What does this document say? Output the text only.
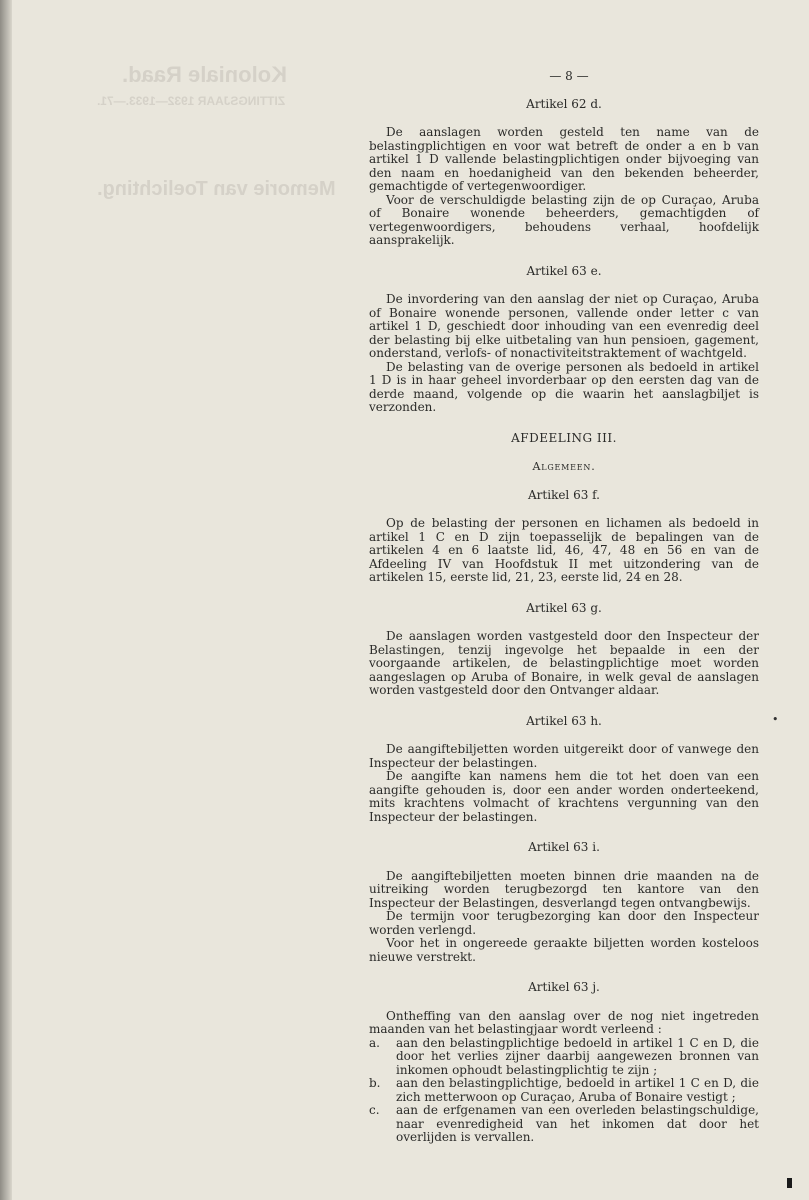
Koloniale Raad.
ZITTINGSJAAR 1932—1933.—71.
Memorie van Toelichting.
•
— 8 —
Artikel 62 d.
De aanslagen worden gesteld ten name van de belastingplichtigen en voor wat betreft de onder a en b van artikel 1 D vallende belastingplichtigen onder bijvoeging van den naam en hoedanigheid van den bekenden beheerder, gemachtigde of vertegenwoordiger.
Voor de verschuldigde belasting zijn de op Curaçao, Aruba of Bonaire wonende beheerders, gemachtigden of vertegenwoordigers, behoudens verhaal, hoofdelijk aansprakelijk.
Artikel 63 e.
De invordering van den aanslag der niet op Curaçao, Aruba of Bonaire wonende personen, vallende onder letter c van artikel 1 D, geschiedt door inhouding van een evenredig deel der belasting bij elke uitbetaling van hun pensioen, gagement, onderstand, verlofs- of nonactiviteitstraktement of wachtgeld.
De belasting van de overige personen als bedoeld in artikel 1 D is in haar geheel invorderbaar op den eersten dag van de derde maand, volgende op die waarin het aanslagbiljet is verzonden.
AFDEELING III.
Algemeen.
Artikel 63 f.
Op de belasting der personen en lichamen als bedoeld in artikel 1 C en D zijn toepasselijk de bepalingen van de artikelen 4 en 6 laatste lid, 46, 47, 48 en 56 en van de Afdeeling IV van Hoofdstuk II met uitzondering van de artikelen 15, eerste lid, 21, 23, eerste lid, 24 en 28.
Artikel 63 g.
De aanslagen worden vastgesteld door den Inspecteur der Belastingen, tenzij ingevolge het bepaalde in een der voorgaande artikelen, de belastingplichtige moet worden aangeslagen op Aruba of Bonaire, in welk geval de aanslagen worden vastgesteld door den Ontvanger aldaar.
Artikel 63 h.
De aangiftebiljetten worden uitgereikt door of vanwege den Inspecteur der belastingen.
De aangifte kan namens hem die tot het doen van een aangifte gehouden is, door een ander worden onderteekend, mits krachtens volmacht of krachtens vergunning van den Inspecteur der belastingen.
Artikel 63 i.
De aangiftebiljetten moeten binnen drie maanden na de uitreiking worden terugbezorgd ten kantore van den Inspecteur der Belastingen, desverlangd tegen ontvangbewijs.
De termijn voor terugbezorging kan door den Inspecteur worden verlengd.
Voor het in ongereede geraakte biljetten worden kosteloos nieuwe verstrekt.
Artikel 63 j.
Ontheffing van den aanslag over de nog niet ingetreden maanden van het belastingjaar wordt verleend :
a. aan den belastingplichtige bedoeld in artikel 1 C en D, die door het verlies zijner daarbij aangewezen bronnen van inkomen ophoudt belastingplichtig te zijn ;
b. aan den belastingplichtige, bedoeld in artikel 1 C en D, die zich metterwoon op Curaçao, Aruba of Bonaire vestigt ;
c. aan de erfgenamen van een overleden belastingschuldige, naar evenredigheid van het inkomen dat door het overlijden is vervallen.
